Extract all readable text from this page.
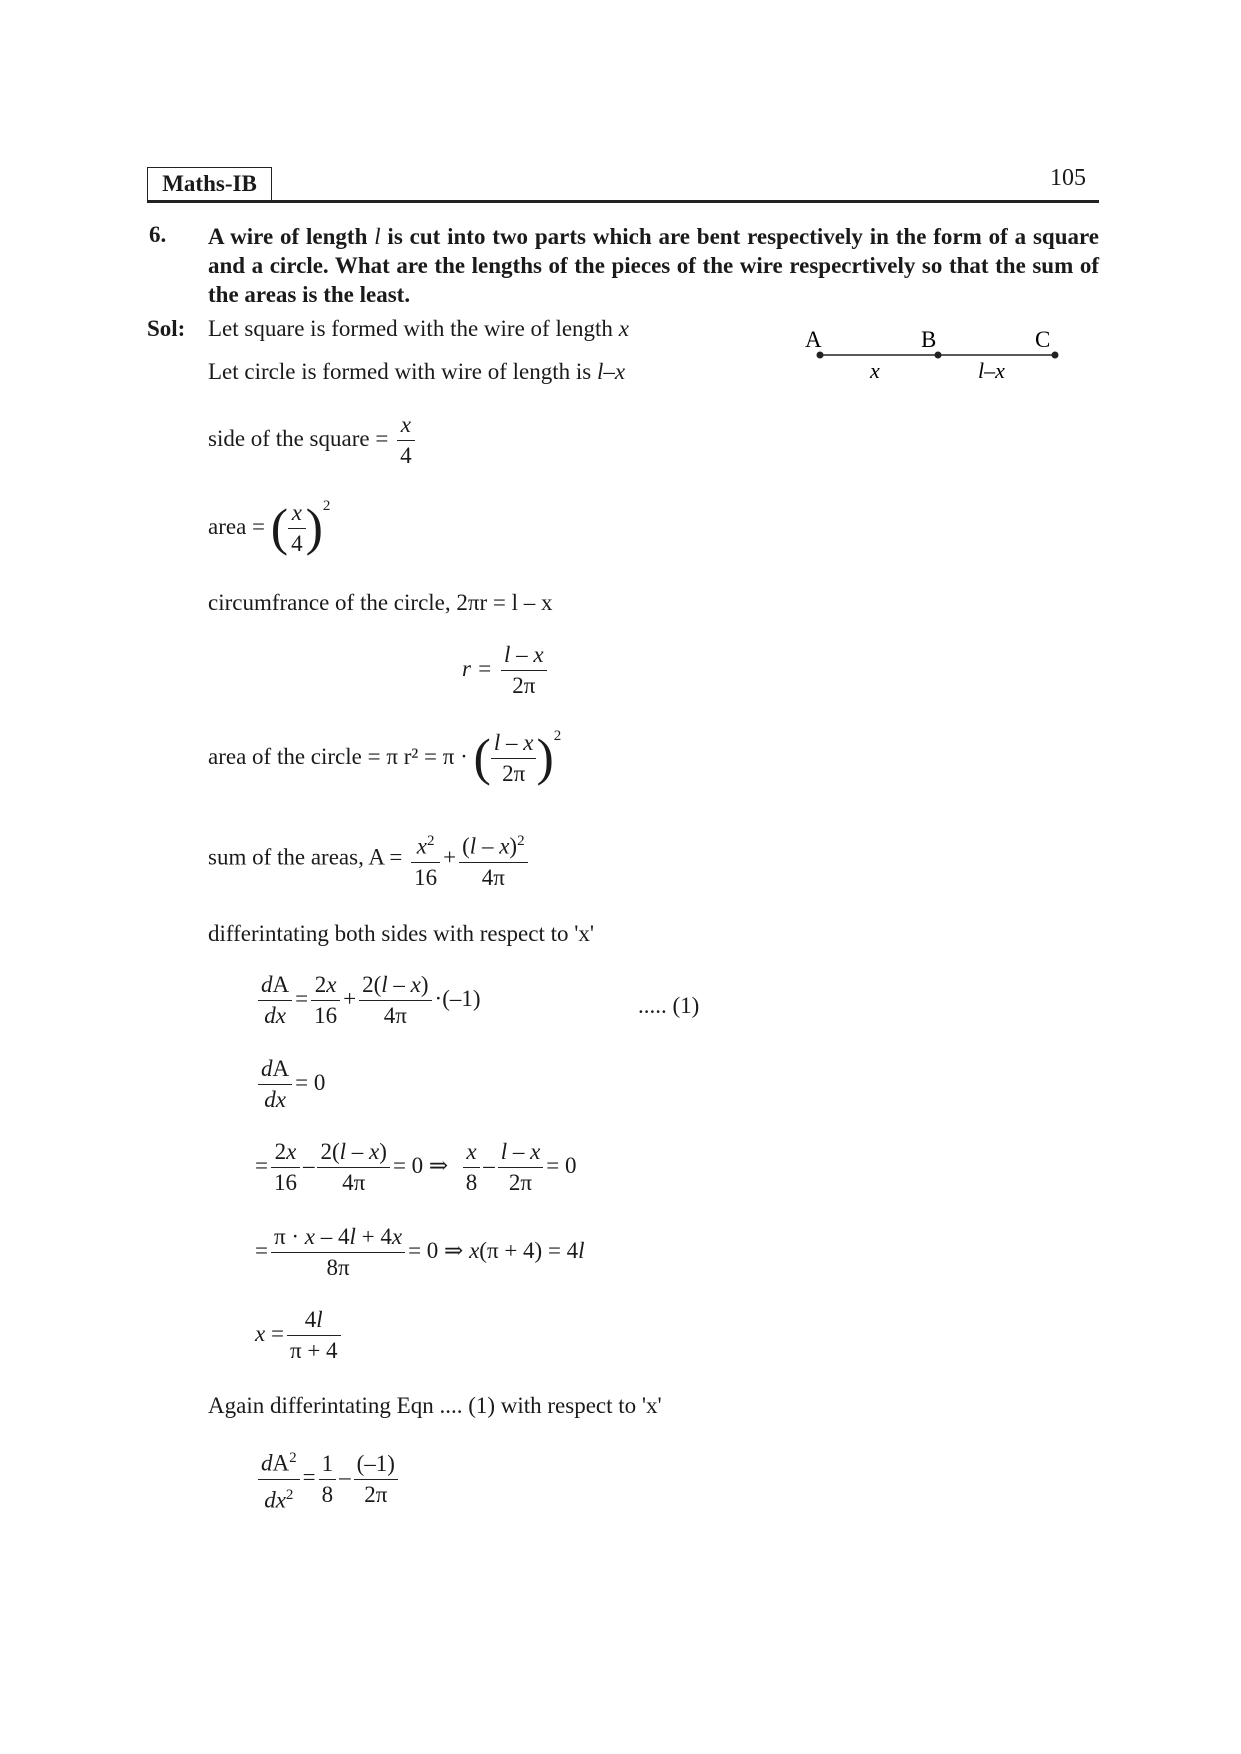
Maths-IB	105
6. A wire of length l is cut into two parts which are bent respectively in the form of a square and a circle. What are the lengths of the pieces of the wire respecrtively so that the sum of the areas is the least.
Sol: Let square is formed with the wire of length x
Let circle is formed with wire of length is l–x
A	B	C
x	l–x
side of the square = $\frac{x}{4}$
area = ( $\frac{x}{4} )^2$
circumfrance of the circle, 2πr = l – x
$r = \frac{l - x}{2\pi}$
area of the circle = π r² = π · ( $\frac{l - x}{2\pi} )^2$
sum of the areas, $A = \frac{x^2}{16} + \frac{(l - x)^2}{4\pi}$
differintating both sides with respect to 'x'
$\frac{dA}{dx} = \frac{2x}{16} + \frac{2(l - x)}{4\pi} \cdot(-1)$	..... (1)
$\frac{dA}{dx} = 0$
= $\frac{2x}{16} - \frac{2(l - x)}{4\pi} = 0$ ⇒ $\frac{x}{8} - \frac{l - x}{2\pi} = 0$
= $\frac{\pi \cdot x - 4l + 4x}{8\pi} = 0$ ⇒ x(π + 4) = 4l
$x = \frac{4l}{\pi + 4}$
Again differintating Eqn .... (1) with respect to 'x'
$\frac{dA^2}{dx^2} = \frac{1}{8} - \frac{(-1)}{2\pi}$
